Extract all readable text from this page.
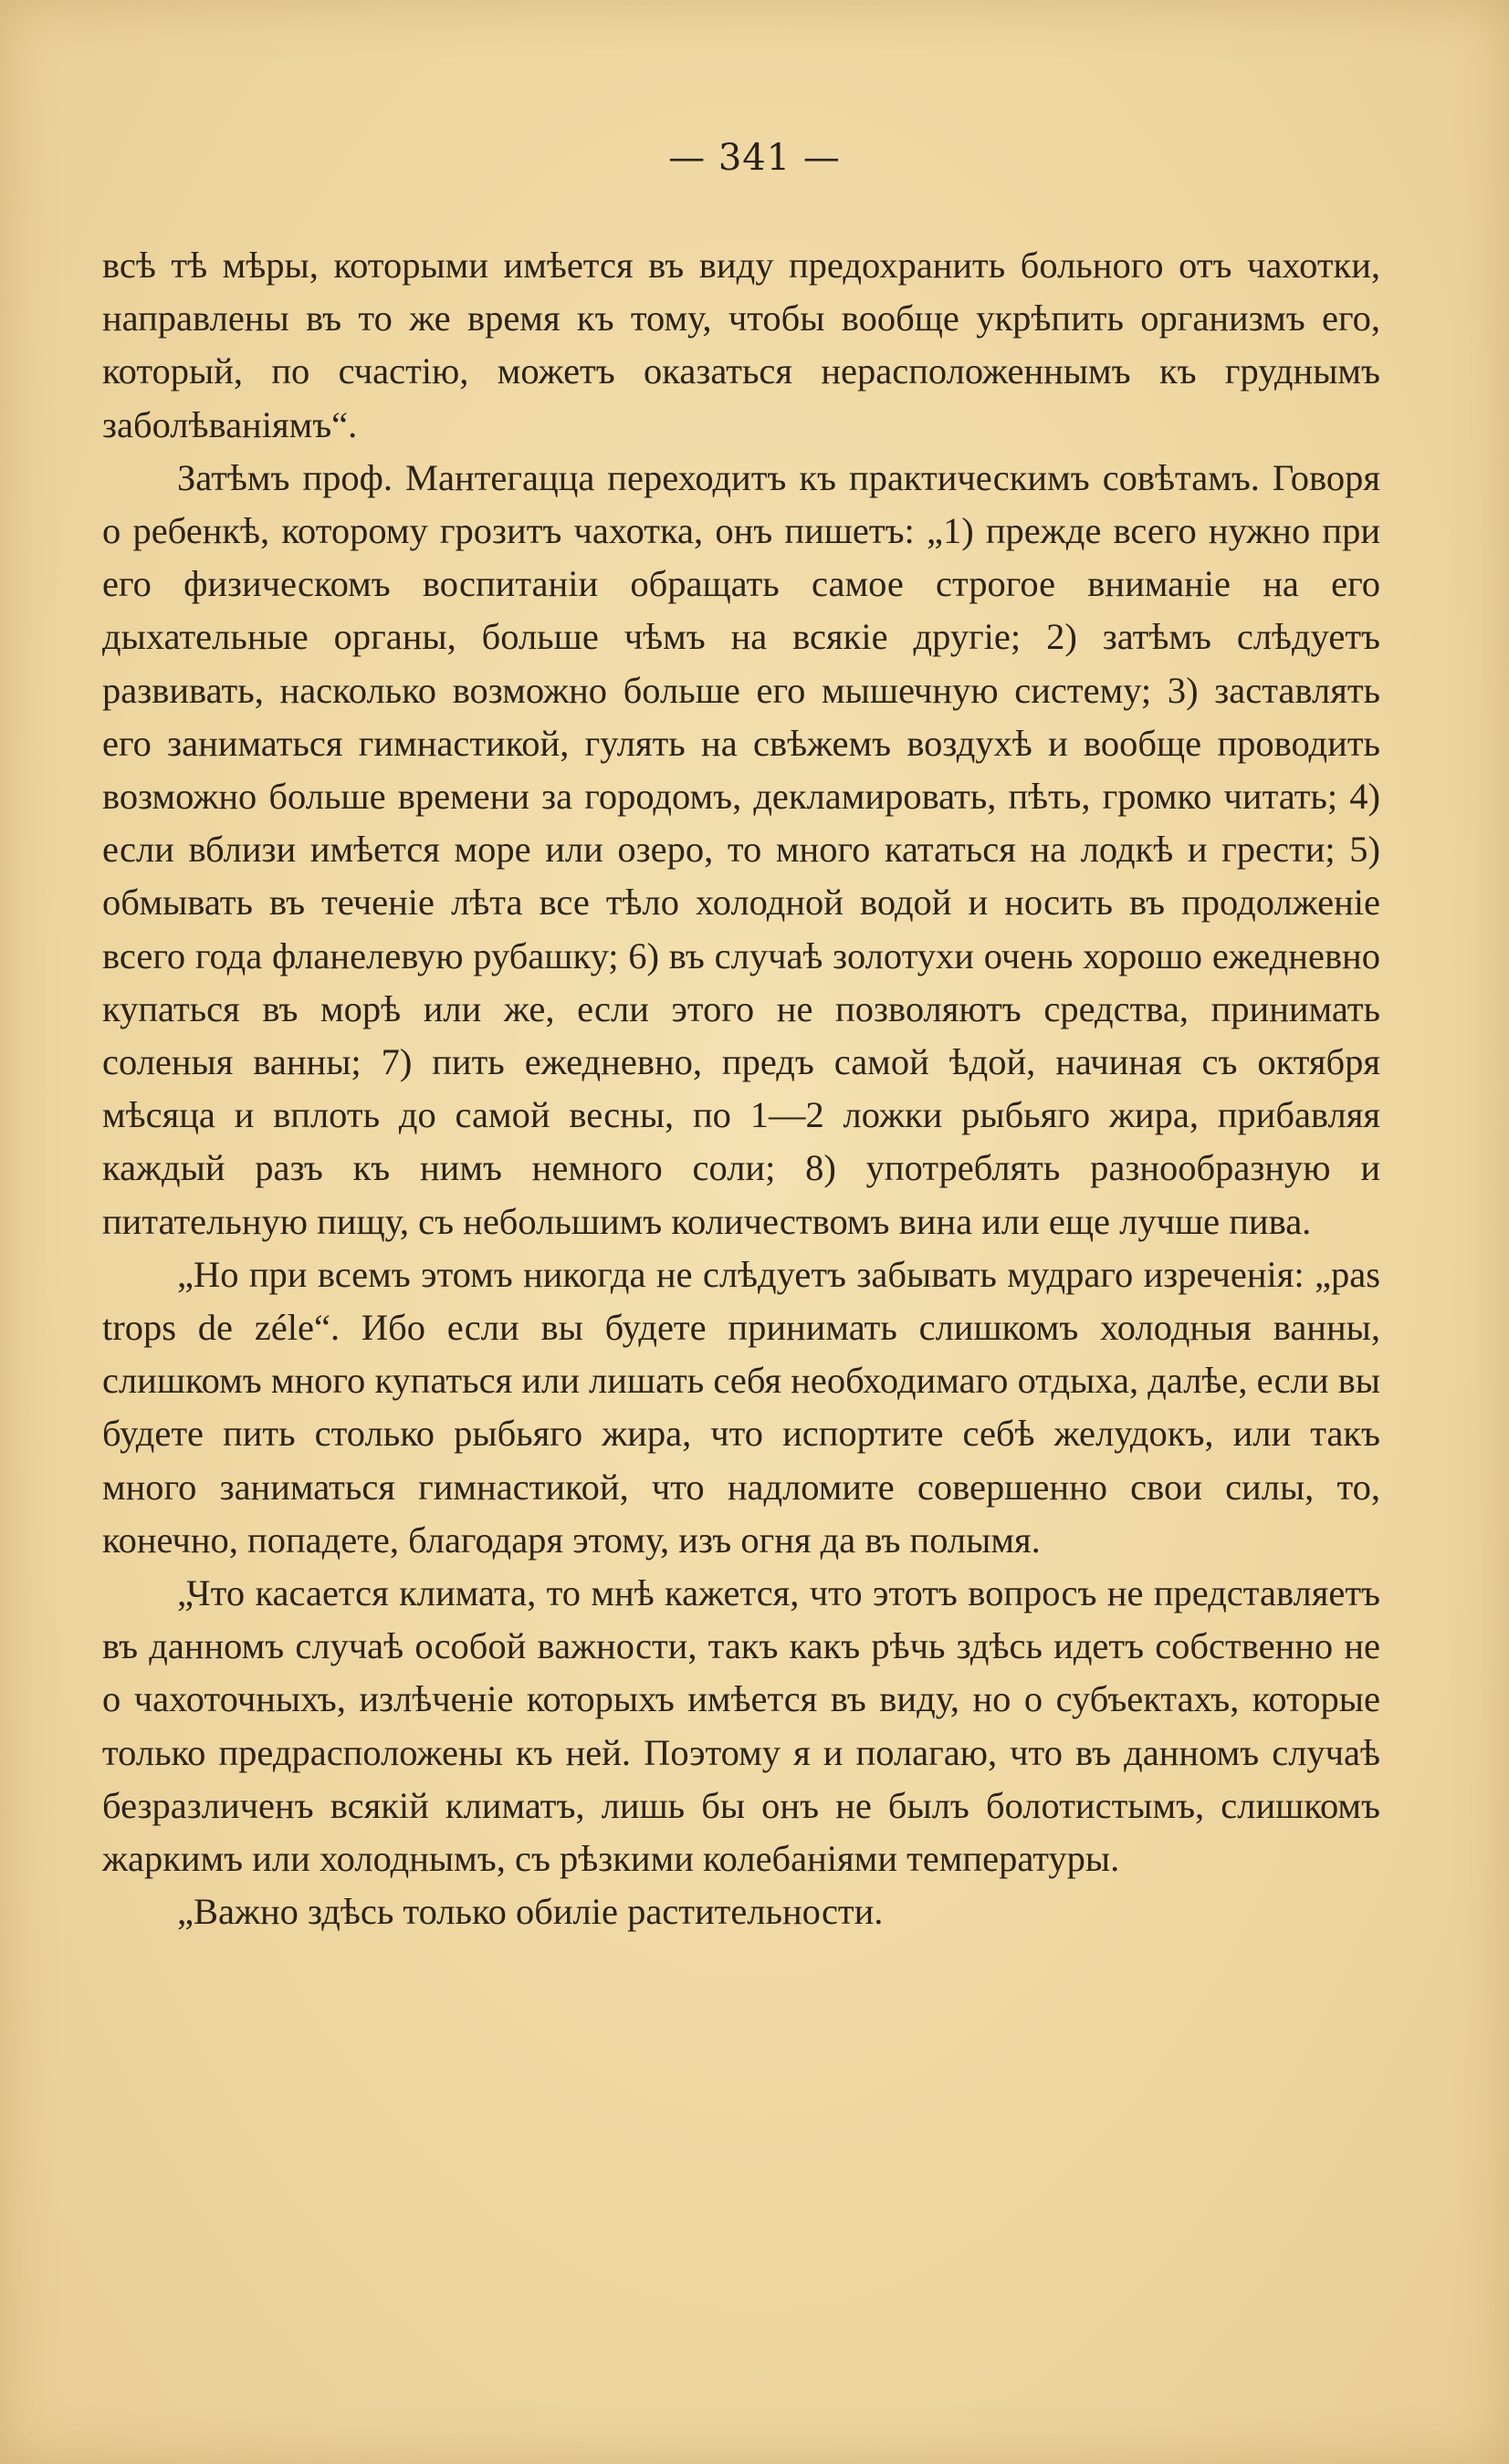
— 341 —

всѣ тѣ мѣры, которыми имѣется въ виду предохранить больного отъ чахотки, направлены въ то же время къ тому, чтобы вообще укрѣпить организмъ его, который, по счастію, можетъ оказаться нерасположеннымъ къ груднымъ заболѣваніямъ“.

Затѣмъ проф. Мантегацца переходитъ къ практическимъ совѣтамъ. Говоря о ребенкѣ, которому грозитъ чахотка, онъ пишетъ: „1) прежде всего нужно при его физическомъ воспитаніи обращать самое строгое вниманіе на его дыхательные органы, больше чѣмъ на всякіе другіе; 2) затѣмъ слѣдуетъ развивать, насколько возможно больше его мышечную систему; 3) заставлять его заниматься гимнастикой, гулять на свѣжемъ воздухѣ и вообще проводить возможно больше времени за городомъ, декламировать, пѣть, громко читать; 4) если вблизи имѣется море или озеро, то много кататься на лодкѣ и грести; 5) обмывать въ теченіе лѣта все тѣло холодной водой и носить въ продолженіе всего года фланелевую рубашку; 6) въ случаѣ золотухи очень хорошо ежедневно купаться въ морѣ или же, если этого не позволяютъ средства, принимать соленыя ванны; 7) пить ежедневно, предъ самой ѣдой, начиная съ октября мѣсяца и вплоть до самой весны, по 1—2 ложки рыбьяго жира, прибавляя каждый разъ къ нимъ немного соли; 8) употреблять разнообразную и питательную пищу, съ небольшимъ количествомъ вина или еще лучше пива.

„Но при всемъ этомъ никогда не слѣдуетъ забывать мудраго изреченія: „pas trops de zéle“. Ибо если вы будете принимать слишкомъ холодныя ванны, слишкомъ много купаться или лишать себя необходимаго отдыха, далѣе, если вы будете пить столько рыбьяго жира, что испортите себѣ желудокъ, или такъ много заниматься гимнастикой, что надломите совершенно свои силы, то, конечно, попадете, благодаря этому, изъ огня да въ полымя.

„Что касается климата, то мнѣ кажется, что этотъ вопросъ не представляетъ въ данномъ случаѣ особой важности, такъ какъ рѣчь здѣсь идетъ собственно не о чахоточныхъ, излѣченіе которыхъ имѣется въ виду, но о субъектахъ, которые только предрасположены къ ней. Поэтому я и полагаю, что въ данномъ случаѣ безразличенъ всякій климатъ, лишь бы онъ не былъ болотистымъ, слишкомъ жаркимъ или холоднымъ, съ рѣзкими колебаніями температуры.

„Важно здѣсь только обиліе растительности.
